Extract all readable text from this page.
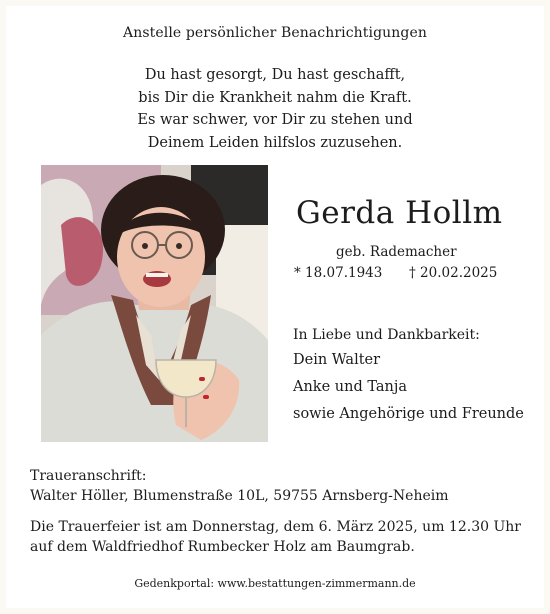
Anstelle persönlicher Benachrichtigungen
Du hast gesorgt, Du hast geschafft,
bis Dir die Krankheit nahm die Kraft.
Es war schwer, vor Dir zu stehen und
Deinem Leiden hilfslos zuzusehen.
Gerda Hollm
geb. Rademacher
* 18.07.1943 † 20.02.2025
In Liebe und Dankbarkeit:
Dein Walter
Anke und Tanja
sowie Angehörige und Freunde
Traueranschrift:
Walter Höller, Blumenstraße 10L, 59755 Arnsberg-Neheim
Die Trauerfeier ist am Donnerstag, dem 6. März 2025, um 12.30 Uhr auf dem Waldfriedhof Rumbecker Holz am Baumgrab.
Gedenkportal: www.bestattungen-zimmermann.de
